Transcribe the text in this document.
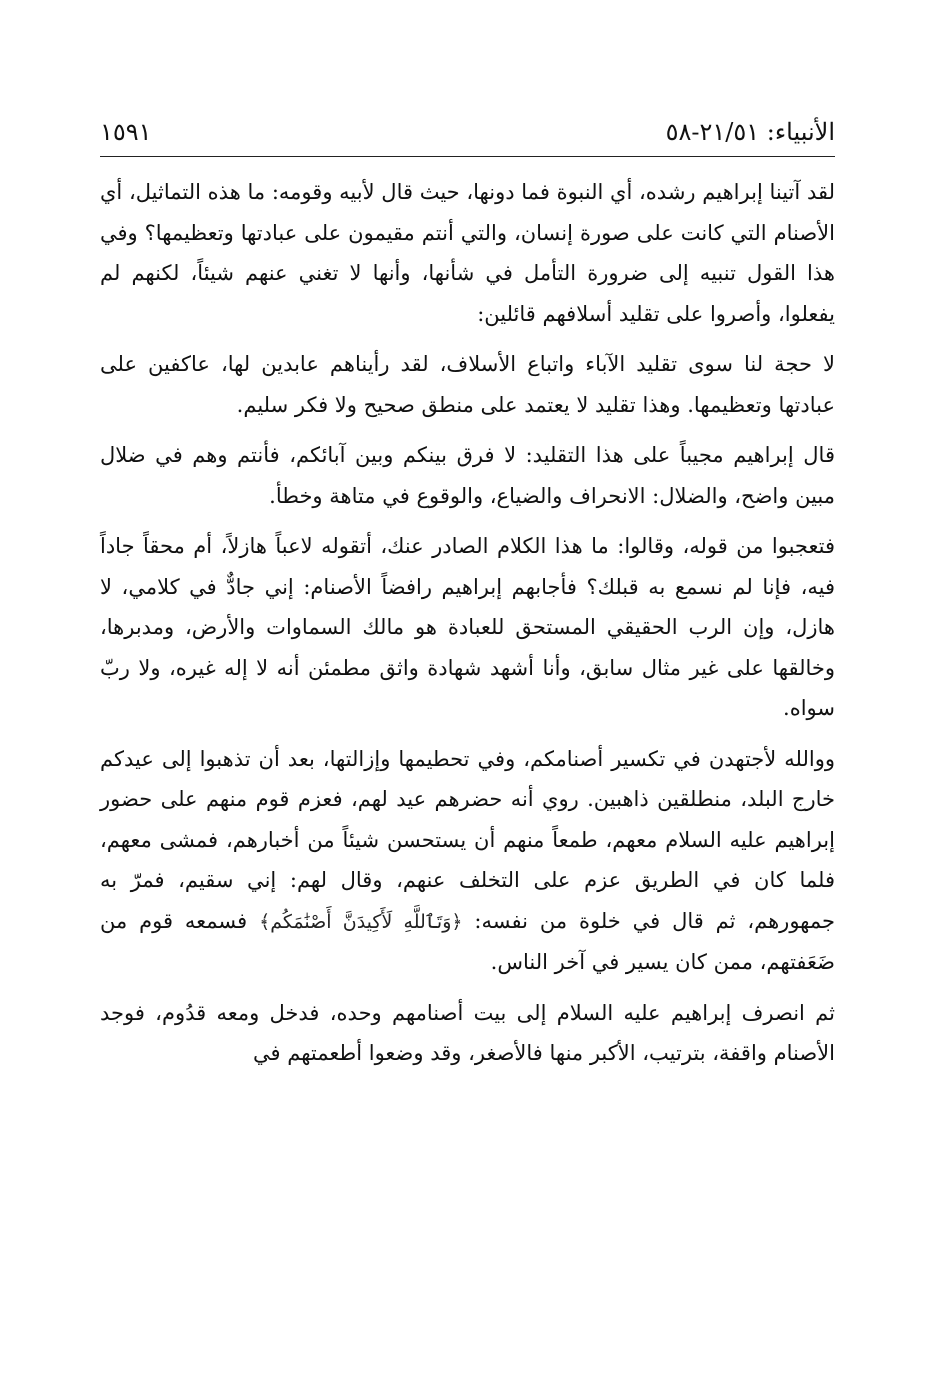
الأنبياء: ٢١/٥١-٥٨
١٥٩١

لقد آتينا إبراهيم رشده، أي النبوة فما دونها، حيث قال لأبيه وقومه: ما هذه التماثيل، أي الأصنام التي كانت على صورة إنسان، والتي أنتم مقيمون على عبادتها وتعظيمها؟ وفي هذا القول تنبيه إلى ضرورة التأمل في شأنها، وأنها لا تغني عنهم شيئاً، لكنهم لم يفعلوا، وأصروا على تقليد أسلافهم قائلين:

لا حجة لنا سوى تقليد الآباء واتباع الأسلاف، لقد رأيناهم عابدين لها، عاكفين على عبادتها وتعظيمها. وهذا تقليد لا يعتمد على منطق صحيح ولا فكر سليم.

قال إبراهيم مجيباً على هذا التقليد: لا فرق بينكم وبين آبائكم، فأنتم وهم في ضلال مبين واضح، والضلال: الانحراف والضياع، والوقوع في متاهة وخطأ.

فتعجبوا من قوله، وقالوا: ما هذا الكلام الصادر عنك، أتقوله لاعباً هازلاً، أم محقاً جاداً فيه، فإنا لم نسمع به قبلك؟ فأجابهم إبراهيم رافضاً الأصنام: إني جادٌّ في كلامي، لا هازل، وإن الرب الحقيقي المستحق للعبادة هو مالك السماوات والأرض، ومدبرها، وخالقها على غير مثال سابق، وأنا أشهد شهادة واثق مطمئن أنه لا إله غيره، ولا ربّ سواه.

ووالله لأجتهدن في تكسير أصنامكم، وفي تحطيمها وإزالتها، بعد أن تذهبوا إلى عيدكم خارج البلد، منطلقين ذاهبين. روي أنه حضرهم عيد لهم، فعزم قوم منهم على حضور إبراهيم عليه السلام معهم، طمعاً منهم أن يستحسن شيئاً من أخبارهم، فمشى معهم، فلما كان في الطريق عزم على التخلف عنهم، وقال لهم: إني سقيم، فمرّ به جمهورهم، ثم قال في خلوة من نفسه: ﴿وَتَٱللَّهِ لَأَكِيدَنَّ أَصْنَٰمَكُم﴾ فسمعه قوم من ضَعَفتهم، ممن كان يسير في آخر الناس.

ثم انصرف إبراهيم عليه السلام إلى بيت أصنامهم وحده، فدخل ومعه قدُوم، فوجد الأصنام واقفة، بترتيب، الأكبر منها فالأصغر، وقد وضعوا أطعمتهم في
